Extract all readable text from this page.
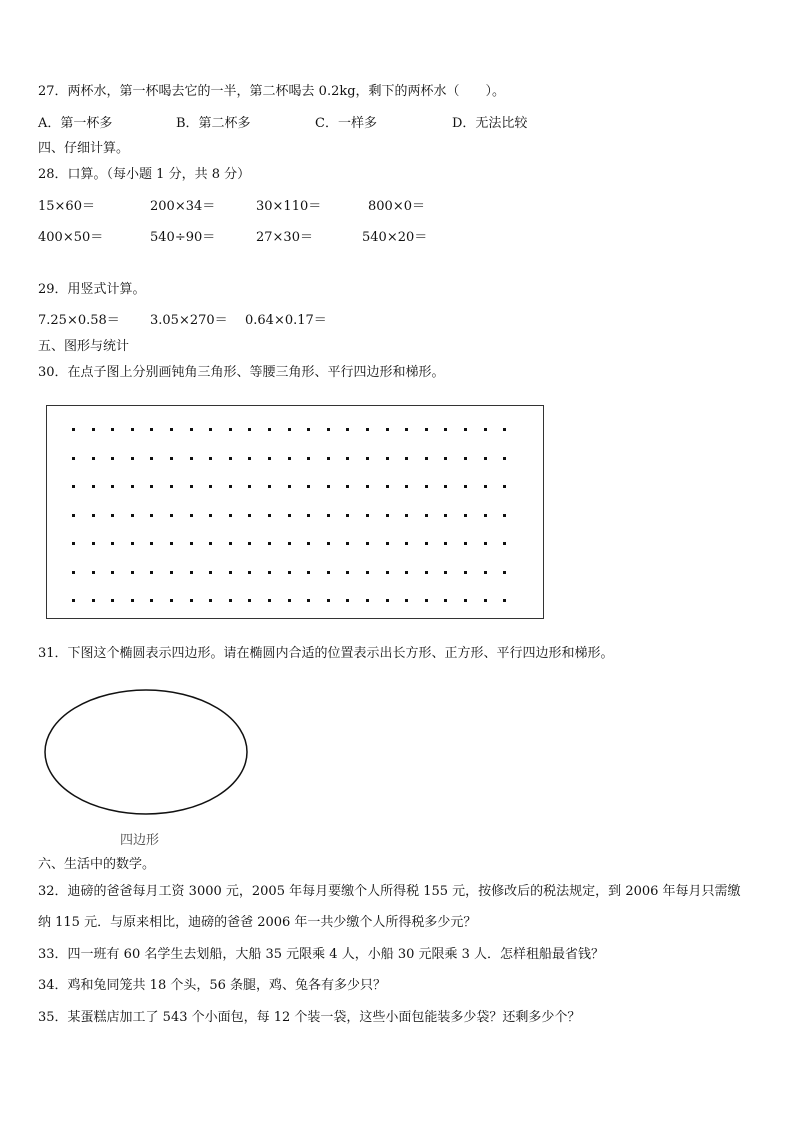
27．两杯水，第一杯喝去它的一半，第二杯喝去 0.2kg，剩下的两杯水（　　）。
A．第一杯多	B．第二杯多	C．一样多	D．无法比较
四、仔细计算。
28．口算。（每小题 1 分，共 8 分）
15×60＝	200×34＝	30×110＝	800×0＝
400×50＝	540÷90＝	27×30＝	540×20＝
29．用竖式计算。
7.25×0.58＝ 3.05×270＝ 0.64×0.17＝
五、图形与统计
30．在点子图上分别画钝角三角形、等腰三角形、平行四边形和梯形。
31．下图这个椭圆表示四边形。请在椭圆内合适的位置表示出长方形、正方形、平行四边形和梯形。
四边形
六、生活中的数学。
32．迪磅的爸爸每月工资 3000 元，2005 年每月要缴个人所得税 155 元，按修改后的税法规定，到 2006 年每月只需缴
纳 115 元．与原来相比，迪磅的爸爸 2006 年一共少缴个人所得税多少元？
33．四一班有 60 名学生去划船，大船 35 元限乘 4 人，小船 30 元限乘 3 人．怎样租船最省钱？
34．鸡和兔同笼共 18 个头，56 条腿，鸡、兔各有多少只？
35．某蛋糕店加工了 543 个小面包，每 12 个装一袋，这些小面包能装多少袋？还剩多少个？
